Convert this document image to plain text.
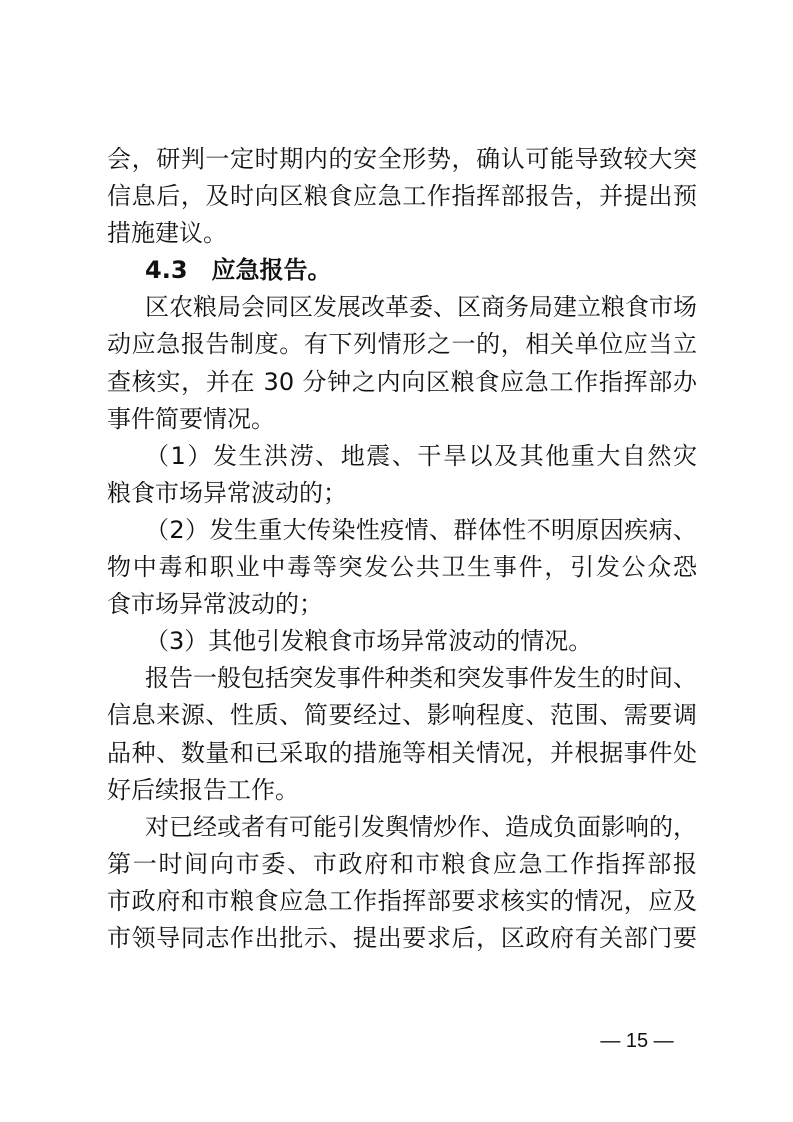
会，研判一定时期内的安全形势，确认可能导致较大突
信息后，及时向区粮食应急工作指挥部报告，并提出预
措施建议。
4.3　应急报告。
区农粮局会同区发展改革委、区商务局建立粮食市场
动应急报告制度。有下列情形之一的，相关单位应当立
查核实，并在 30 分钟之内向区粮食应急工作指挥部办
事件简要情况。
（1）发生洪涝、地震、干旱以及其他重大自然灾
粮食市场异常波动的；
（2）发生重大传染性疫情、群体性不明原因疾病、
物中毒和职业中毒等突发公共卫生事件，引发公众恐
食市场异常波动的；
（3）其他引发粮食市场异常波动的情况。
报告一般包括突发事件种类和突发事件发生的时间、
信息来源、性质、简要经过、影响程度、范围、需要调
品种、数量和已采取的措施等相关情况，并根据事件处
好后续报告工作。
对已经或者有可能引发舆情炒作、造成负面影响的，
第一时间向市委、市政府和市粮食应急工作指挥部报
市政府和市粮食应急工作指挥部要求核实的情况，应及
市领导同志作出批示、提出要求后，区政府有关部门要
— 15 —
